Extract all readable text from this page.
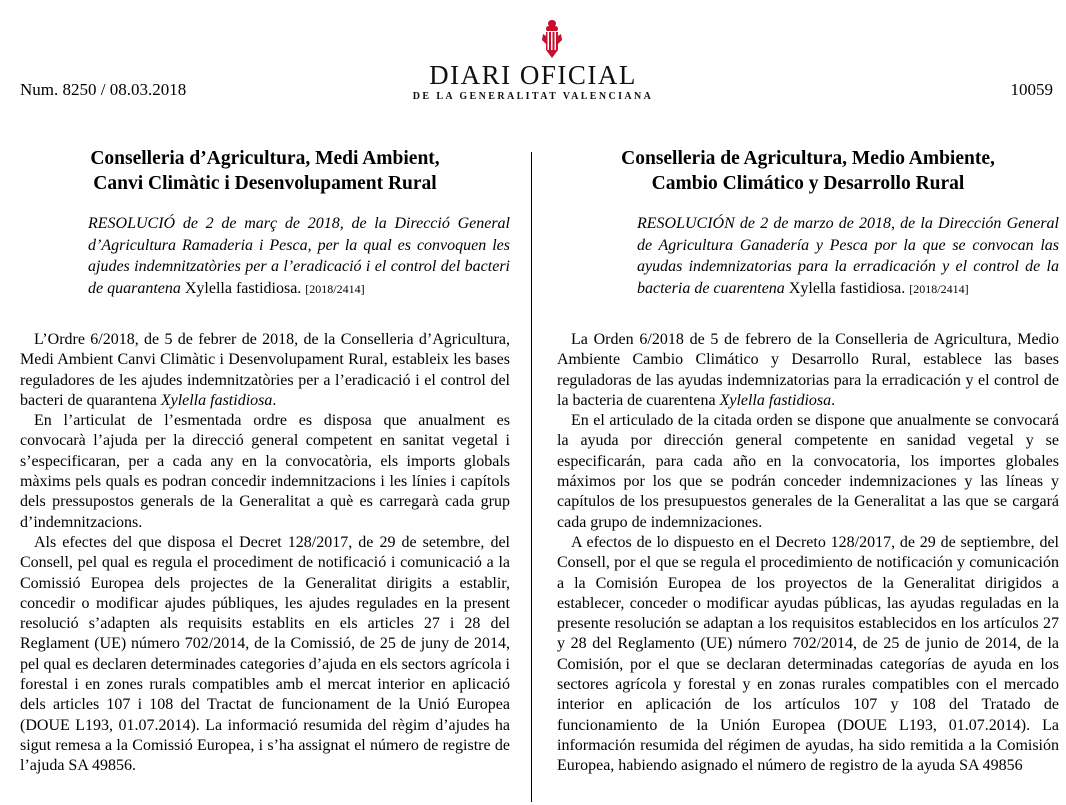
Num. 8250 / 08.03.2018	DIARI OFICIAL
DE LA GENERALITAT VALENCIANA	10059
Conselleria d’Agricultura, Medi Ambient,
Canvi Climàtic i Desenvolupament Rural
RESOLUCIÓ de 2 de març de 2018, de la Direcció General d’Agricultura Ramaderia i Pesca, per la qual es convoquen les ajudes indemnitzatòries per a l’eradicació i el control del bacteri de quarantena Xylella fastidiosa. [2018/2414]

L’Ordre 6/2018, de 5 de febrer de 2018, de la Conselleria d’Agricultura, Medi Ambient Canvi Climàtic i Desenvolupament Rural, estableix les bases reguladores de les ajudes indemnitzatòries per a l’eradicació i el control del bacteri de quarantena Xylella fastidiosa.

En l’articulat de l’esmentada ordre es disposa que anualment es convocarà l’ajuda per la direcció general competent en sanitat vegetal i s’especificaran, per a cada any en la convocatòria, els imports globals màxims pels quals es podran concedir indemnitzacions i les línies i capítols dels pressupostos generals de la Generalitat a què es carregarà cada grup d’indemnitzacions.

Als efectes del que disposa el Decret 128/2017, de 29 de setembre, del Consell, pel qual es regula el procediment de notificació i comunicació a la Comissió Europea dels projectes de la Generalitat dirigits a establir, concedir o modificar ajudes públiques, les ajudes regulades en la present resolució s’adapten als requisits establits en els articles 27 i 28 del Reglament (UE) número 702/2014, de la Comissió, de 25 de juny de 2014, pel qual es declaren determinades categories d’ajuda en els sectors agrícola i forestal i en zones rurals compatibles amb el mercat interior en aplicació dels articles 107 i 108 del Tractat de funcionament de la Unió Europea (DOUE L193, 01.07.2014). La informació resumida del règim d’ajudes ha sigut remesa a la Comissió Europea, i s’ha assignat el número de registre de l’ajuda SA 49856.

Conselleria de Agricultura, Medio Ambiente,
Cambio Climático y Desarrollo Rural
RESOLUCIÓN de 2 de marzo de 2018, de la Dirección General de Agricultura Ganadería y Pesca por la que se convocan las ayudas indemnizatorias para la erradicación y el control de la bacteria de cuarentena Xylella fastidiosa. [2018/2414]

La Orden 6/2018 de 5 de febrero de la Conselleria de Agricultura, Medio Ambiente Cambio Climático y Desarrollo Rural, establece las bases reguladoras de las ayudas indemnizatorias para la erradicación y el control de la bacteria de cuarentena Xylella fastidiosa.

En el articulado de la citada orden se dispone que anualmente se convocará la ayuda por dirección general competente en sanidad vegetal y se especificarán, para cada año en la convocatoria, los importes globales máximos por los que se podrán conceder indemnizaciones y las líneas y capítulos de los presupuestos generales de la Generalitat a las que se cargará cada grupo de indemnizaciones.

A efectos de lo dispuesto en el Decreto 128/2017, de 29 de septiembre, del Consell, por el que se regula el procedimiento de notificación y comunicación a la Comisión Europea de los proyectos de la Generalitat dirigidos a establecer, conceder o modificar ayudas públicas, las ayudas reguladas en la presente resolución se adaptan a los requisitos establecidos en los artículos 27 y 28 del Reglamento (UE) número 702/2014, de 25 de junio de 2014, de la Comisión, por el que se declaran determinadas categorías de ayuda en los sectores agrícola y forestal y en zonas rurales compatibles con el mercado interior en aplicación de los artículos 107 y 108 del Tratado de funcionamiento de la Unión Europea (DOUE L193, 01.07.2014). La información resumida del régimen de ayudas, ha sido remitida a la Comisión Europea, habiendo asignado el número de registro de la ayuda SA 49856
